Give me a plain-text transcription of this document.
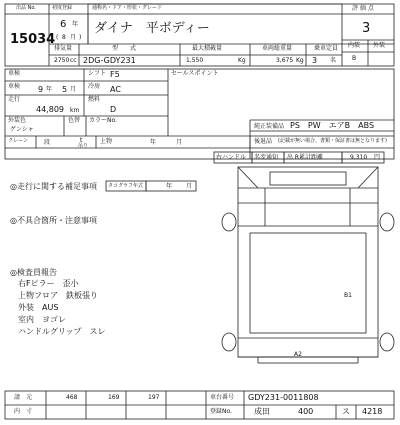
出品 No.
15034
初度登録
6 年
( 8 月 )
通称名・ドア・形状・グレード
ダイナ　平ボディー
排気量
2750 cc
型　　式
2DG-GDY231
最大積載量
1,550	Kg
車両総重量
3,675 Kg
乗車定員
3 名
評 価 点
3
内装 外装
B
車検	シフト F5	セールスポイント
車検 9 年 5 月 冷房 AC
走行
44,809 km
燃料
D
外装色
ゲンシャ
色替 カラーNo.
純正装備品 PS　PW　エアB　ABS
クレーン	段	t
吊り
上物	年	月	後退品 (記載が無い場合、書類・保証書は無となります)
右ハンドル 名変通知 出 R累計距離	9,310 円
◎走行に関する補足事項 タコグラフ年式	年 月
◎不具合箇所・注意事項
◎検査員報告
右Fピラー　歪小
上物フロア　鉄板張り
外装　AUS
室内　ヨゴレ
ハンドルグリップ　スレ
B1
A2
請　元	468	169	197
内　寸
車台番号 GDY231-0011808
登録No.	成田	400	ス 4218
